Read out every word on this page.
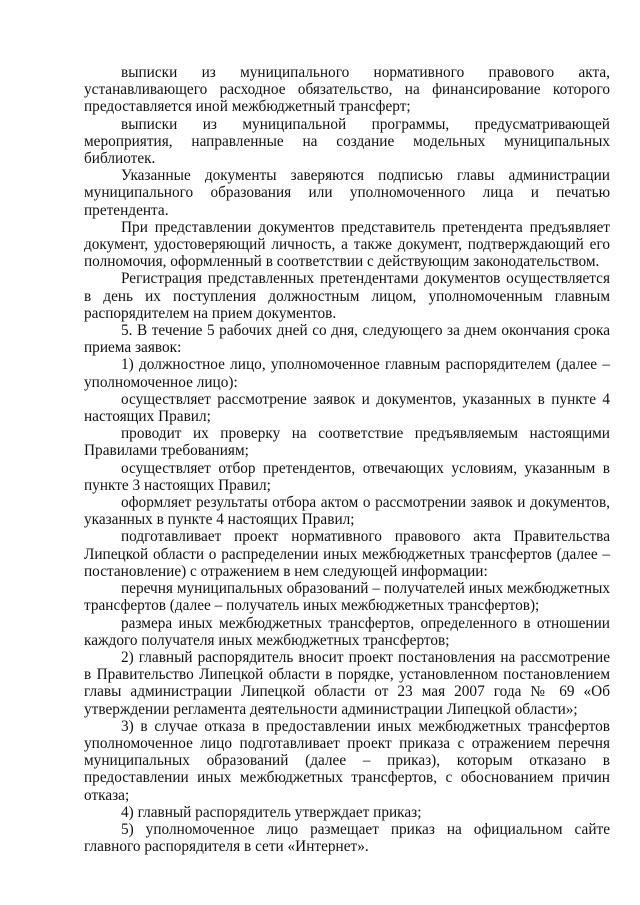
выписки из муниципального нормативного правового акта, устанавливающего расходное обязательство, на финансирование которого предоставляется иной межбюджетный трансферт;

выписки из муниципальной программы, предусматривающей мероприятия, направленные на создание модельных муниципальных библиотек.

Указанные документы заверяются подписью главы администрации муниципального образования или уполномоченного лица и печатью претендента.

При представлении документов представитель претендента предъявляет документ, удостоверяющий личность, а также документ, подтверждающий его полномочия, оформленный в соответствии с действующим законодательством.

Регистрация представленных претендентами документов осуществляется в день их поступления должностным лицом, уполномоченным главным распорядителем на прием документов.

5. В течение 5 рабочих дней со дня, следующего за днем окончания срока приема заявок:

1) должностное лицо, уполномоченное главным распорядителем (далее – уполномоченное лицо):

осуществляет рассмотрение заявок и документов, указанных в пункте 4 настоящих Правил;

проводит их проверку на соответствие предъявляемым настоящими Правилами требованиям;

осуществляет отбор претендентов, отвечающих условиям, указанным в пункте 3 настоящих Правил;

оформляет результаты отбора актом о рассмотрении заявок и документов, указанных в пункте 4 настоящих Правил;

подготавливает проект нормативного правового акта Правительства Липецкой области о распределении иных межбюджетных трансфертов (далее – постановление) с отражением в нем следующей информации:

перечня муниципальных образований – получателей иных межбюджетных трансфертов (далее – получатель иных межбюджетных трансфертов);

размера иных межбюджетных трансфертов, определенного в отношении каждого получателя иных межбюджетных трансфертов;

2) главный распорядитель вносит проект постановления на рассмотрение в Правительство Липецкой области в порядке, установленном постановлением главы администрации Липецкой области от 23 мая 2007 года № 69 «Об утверждении регламента деятельности администрации Липецкой области»;

3) в случае отказа в предоставлении иных межбюджетных трансфертов уполномоченное лицо подготавливает проект приказа с отражением перечня муниципальных образований (далее – приказ), которым отказано в предоставлении иных межбюджетных трансфертов, с обоснованием причин отказа;

4) главный распорядитель утверждает приказ;

5) уполномоченное лицо размещает приказ на официальном сайте главного распорядителя в сети «Интернет».
